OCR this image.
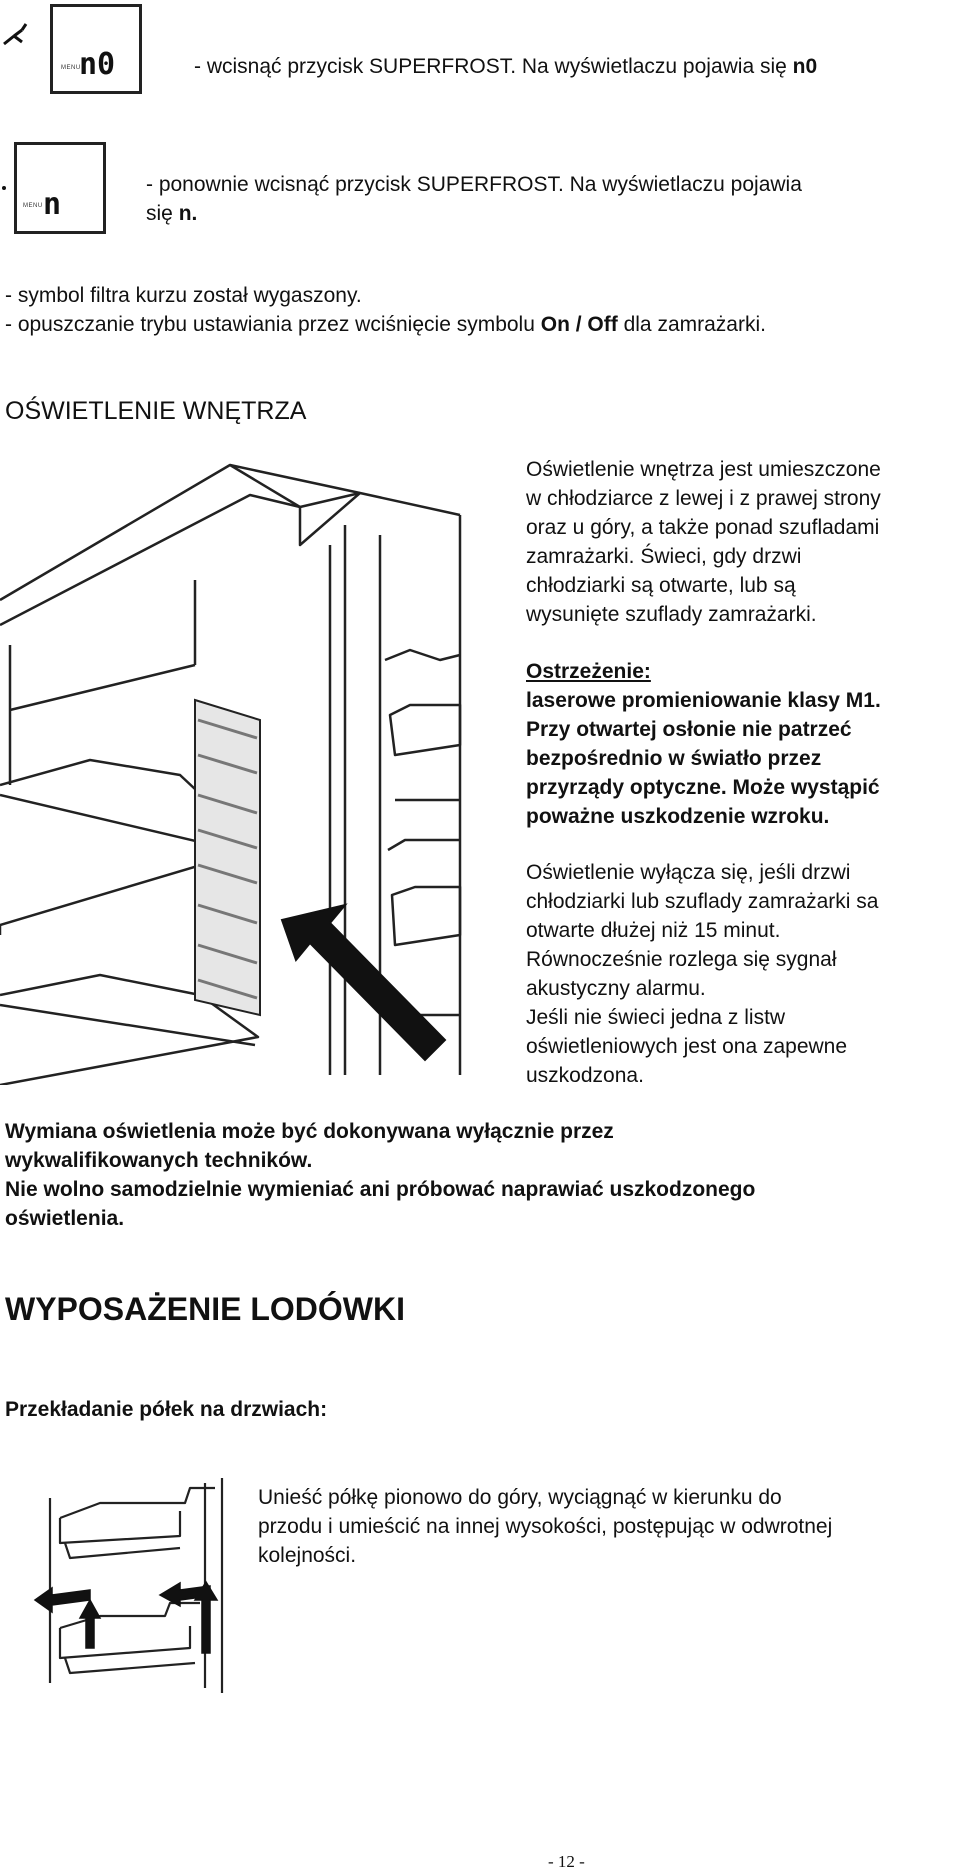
MENU
n0	- wcisnąć przycisk SUPERFROST. Na wyświetlaczu pojawia się n0
MENU n
- ponownie wcisnąć przycisk SUPERFROST. Na wyświetlaczu pojawia
się n.
- symbol filtra kurzu został wygaszony.
- opuszczanie trybu ustawiania przez wciśnięcie symbolu On / Off dla zamrażarki.
OŚWIETLENIE WNĘTRZA
Oświetlenie wnętrza jest umieszczone
w chłodziarce z lewej i z prawej strony
oraz u góry, a także ponad szufladami
zamrażarki. Świeci, gdy drzwi
chłodziarki są otwarte, lub są
wysunięte szuflady zamrażarki.
Ostrzeżenie:
laserowe promieniowanie klasy M1.
Przy otwartej osłonie nie patrzeć
bezpośrednio w światło przez
przyrządy optyczne. Może wystąpić
poważne uszkodzenie wzroku.
Oświetlenie wyłącza się, jeśli drzwi
chłodziarki lub szuflady zamrażarki sa
otwarte dłużej niż 15 minut.
Równocześnie rozlega się sygnał
akustyczny alarmu.
Jeśli nie świeci jedna z listw
oświetleniowych jest ona zapewne
uszkodzona.
Wymiana oświetlenia może być dokonywana wyłącznie przez
wykwalifikowanych techników.
Nie wolno samodzielnie wymieniać ani próbować naprawiać uszkodzonego
oświetlenia.
WYPOSAŻENIE LODÓWKI
Przekładanie półek na drzwiach:
Unieść półkę pionowo do góry, wyciągnąć w kierunku do
przodu i umieścić na innej wysokości, postępując w odwrotnej
kolejności.
- 12 -
